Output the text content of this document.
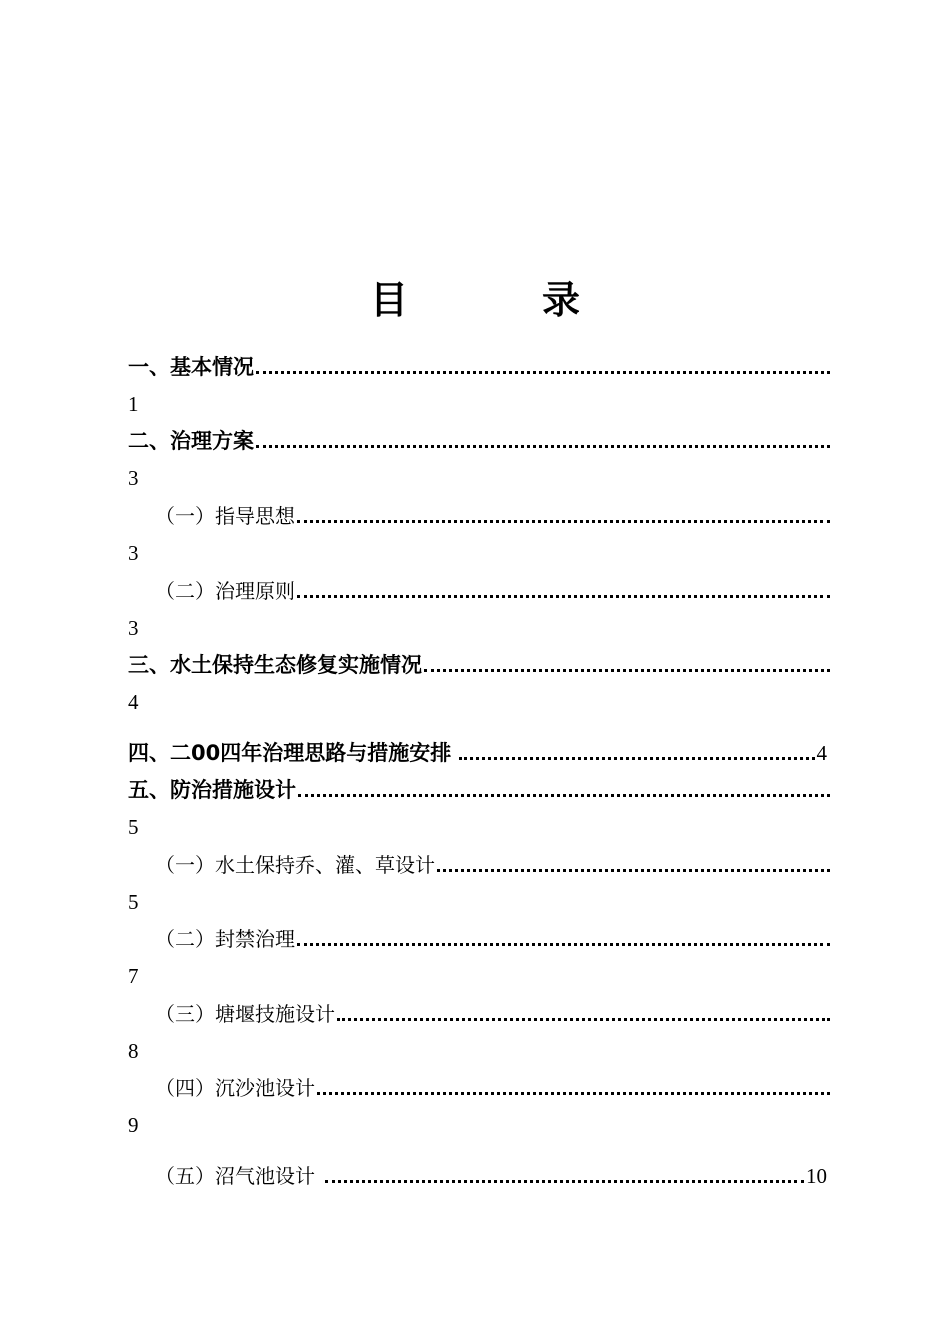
目　录
一、基本情况
1
二、治理方案
3
（一）指导思想
3
（二）治理原则
3
三、水土保持生态修复实施情况
4
四、二00四年治理思路与措施安排	4
五、防治措施设计
5
（一）水土保持乔、灌、草设计
5
（二）封禁治理
7
（三）塘堰技施设计
8
（四）沉沙池设计
9
（五）沼气池设计	10
